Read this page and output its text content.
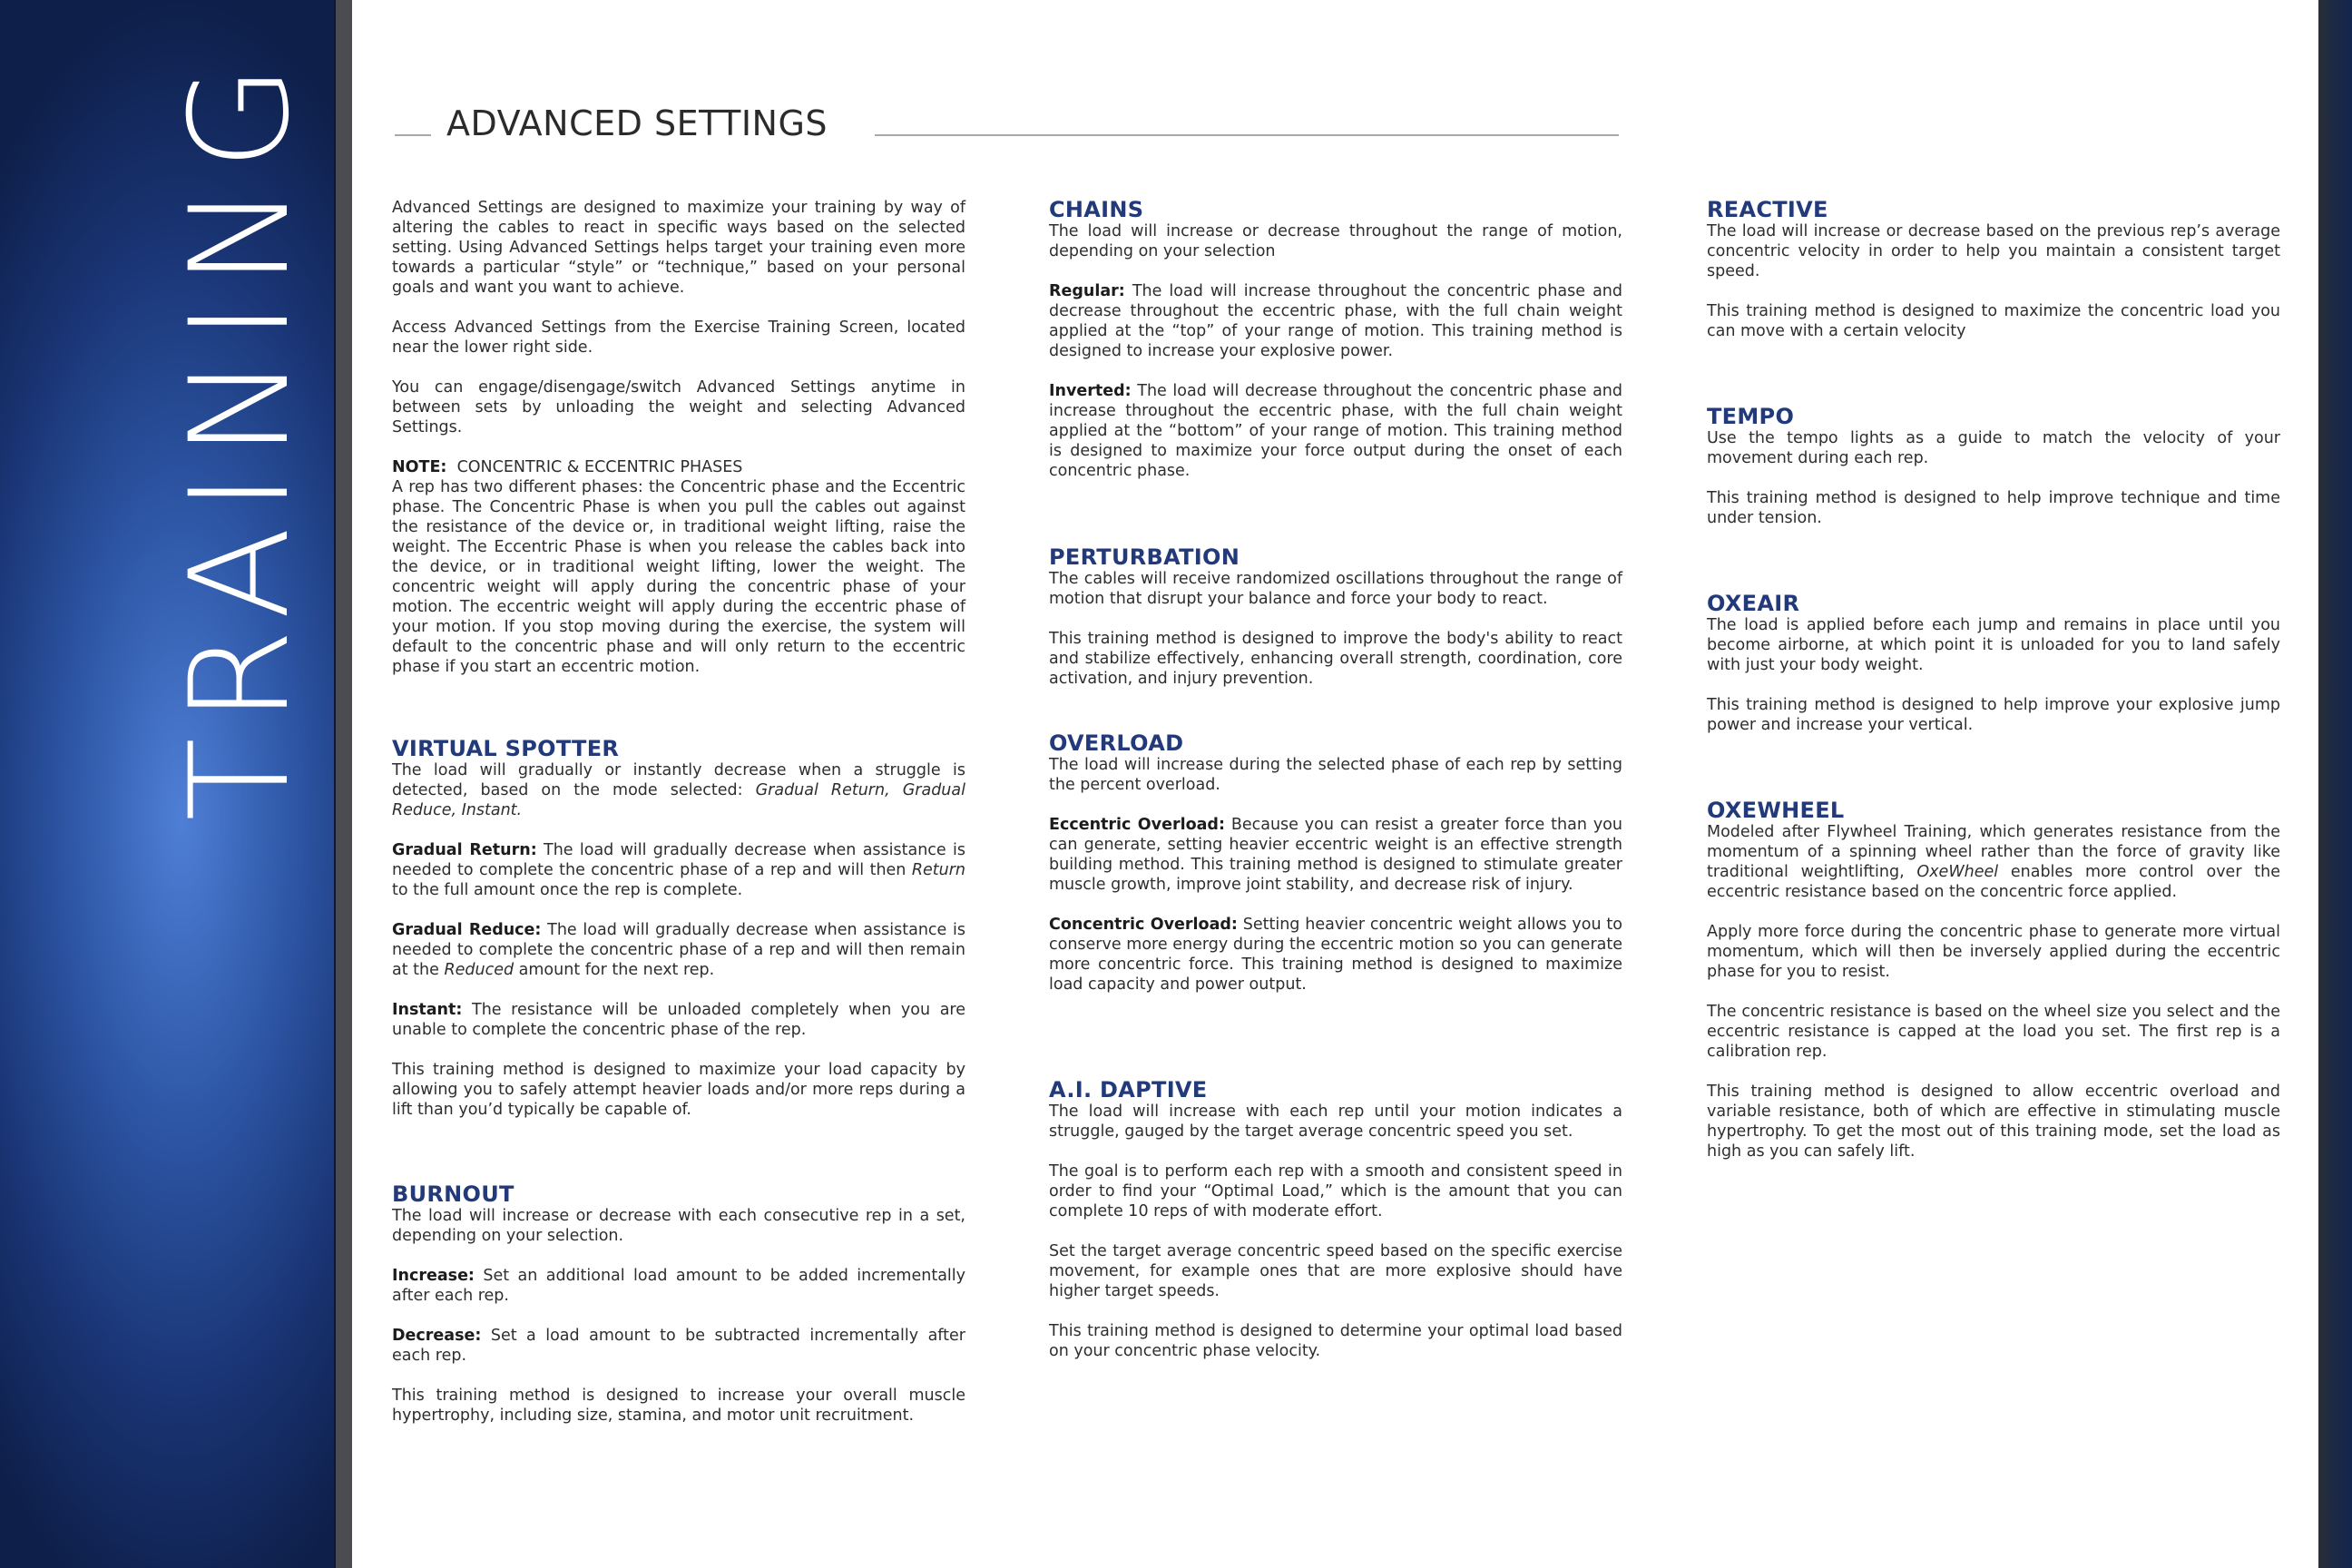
TRAINING	ADVANCED SETTINGS

Advanced Settings are designed to maximize your training by way of altering the cables to react in specific ways based on the selected setting. Using Advanced Settings helps target your training even more towards a particular “style” or “technique,” based on your personal goals and want you want to achieve.

Access Advanced Settings from the Exercise Training Screen, located near the lower right side.

You can engage/disengage/switch Advanced Settings anytime in between sets by unloading the weight and selecting Advanced Settings.

NOTE: CONCENTRIC & ECCENTRIC PHASES

A rep has two different phases: the Concentric phase and the Eccentric phase. The Concentric Phase is when you pull the cables out against the resistance of the device or, in traditional weight lifting, raise the weight. The Eccentric Phase is when you release the cables back into the device, or in traditional weight lifting, lower the weight. The concentric weight will apply during the concentric phase of your motion. The eccentric weight will apply during the eccentric phase of your motion. If you stop moving during the exercise, the system will default to the concentric phase and will only return to the eccentric phase if you start an eccentric motion.

VIRTUAL SPOTTER

The load will gradually or instantly decrease when a struggle is detected, based on the mode selected: Gradual Return, Gradual Reduce, Instant.

Gradual Return: The load will gradually decrease when assistance is needed to complete the concentric phase of a rep and will then Return to the full amount once the rep is complete.

Gradual Reduce: The load will gradually decrease when assistance is needed to complete the concentric phase of a rep and will then remain at the Reduced amount for the next rep.

Instant: The resistance will be unloaded completely when you are unable to complete the concentric phase of the rep.

This training method is designed to maximize your load capacity by allowing you to safely attempt heavier loads and/or more reps during a lift than you’d typically be capable of.

BURNOUT

The load will increase or decrease with each consecutive rep in a set, depending on your selection.

Increase: Set an additional load amount to be added incrementally after each rep.

Decrease: Set a load amount to be subtracted incrementally after each rep.

This training method is designed to increase your overall muscle hypertrophy, including size, stamina, and motor unit recruitment.

CHAINS

The load will increase or decrease throughout the range of motion, depending on your selection

Regular: The load will increase throughout the concentric phase and decrease throughout the eccentric phase, with the full chain weight applied at the “top” of your range of motion. This training method is designed to increase your explosive power.

Inverted: The load will decrease throughout the concentric phase and increase throughout the eccentric phase, with the full chain weight applied at the “bottom” of your range of motion. This training method is designed to maximize your force output during the onset of each concentric phase.

PERTURBATION

The cables will receive randomized oscillations throughout the range of motion that disrupt your balance and force your body to react.

This training method is designed to improve the body's ability to react and stabilize effectively, enhancing overall strength, coordination, core activation, and injury prevention.

OVERLOAD

The load will increase during the selected phase of each rep by setting the percent overload.

Eccentric Overload: Because you can resist a greater force than you can generate, setting heavier eccentric weight is an effective strength building method. This training method is designed to stimulate greater muscle growth, improve joint stability, and decrease risk of injury.

Concentric Overload: Setting heavier concentric weight allows you to conserve more energy during the eccentric motion so you can generate more concentric force. This training method is designed to maximize load capacity and power output.

A.I. DAPTIVE

The load will increase with each rep until your motion indicates a struggle, gauged by the target average concentric speed you set.

The goal is to perform each rep with a smooth and consistent speed in order to find your “Optimal Load,” which is the amount that you can complete 10 reps of with moderate effort.

Set the target average concentric speed based on the specific exercise movement, for example ones that are more explosive should have higher target speeds.

This training method is designed to determine your optimal load based on your concentric phase velocity.

REACTIVE

The load will increase or decrease based on the previous rep’s average concentric velocity in order to help you maintain a consistent target speed.

This training method is designed to maximize the concentric load you can move with a certain velocity

TEMPO

Use the tempo lights as a guide to match the velocity of your movement during each rep.

This training method is designed to help improve technique and time under tension.

OXEAIR

The load is applied before each jump and remains in place until you become airborne, at which point it is unloaded for you to land safely with just your body weight.

This training method is designed to help improve your explosive jump power and increase your vertical.

OXEWHEEL

Modeled after Flywheel Training, which generates resistance from the momentum of a spinning wheel rather than the force of gravity like traditional weightlifting, OxeWheel enables more control over the eccentric resistance based on the concentric force applied.

Apply more force during the concentric phase to generate more virtual momentum, which will then be inversely applied during the eccentric phase for you to resist.

The concentric resistance is based on the wheel size you select and the eccentric resistance is capped at the load you set. The first rep is a calibration rep.

This training method is designed to allow eccentric overload and variable resistance, both of which are effective in stimulating muscle hypertrophy. To get the most out of this training mode, set the load as high as you can safely lift.
